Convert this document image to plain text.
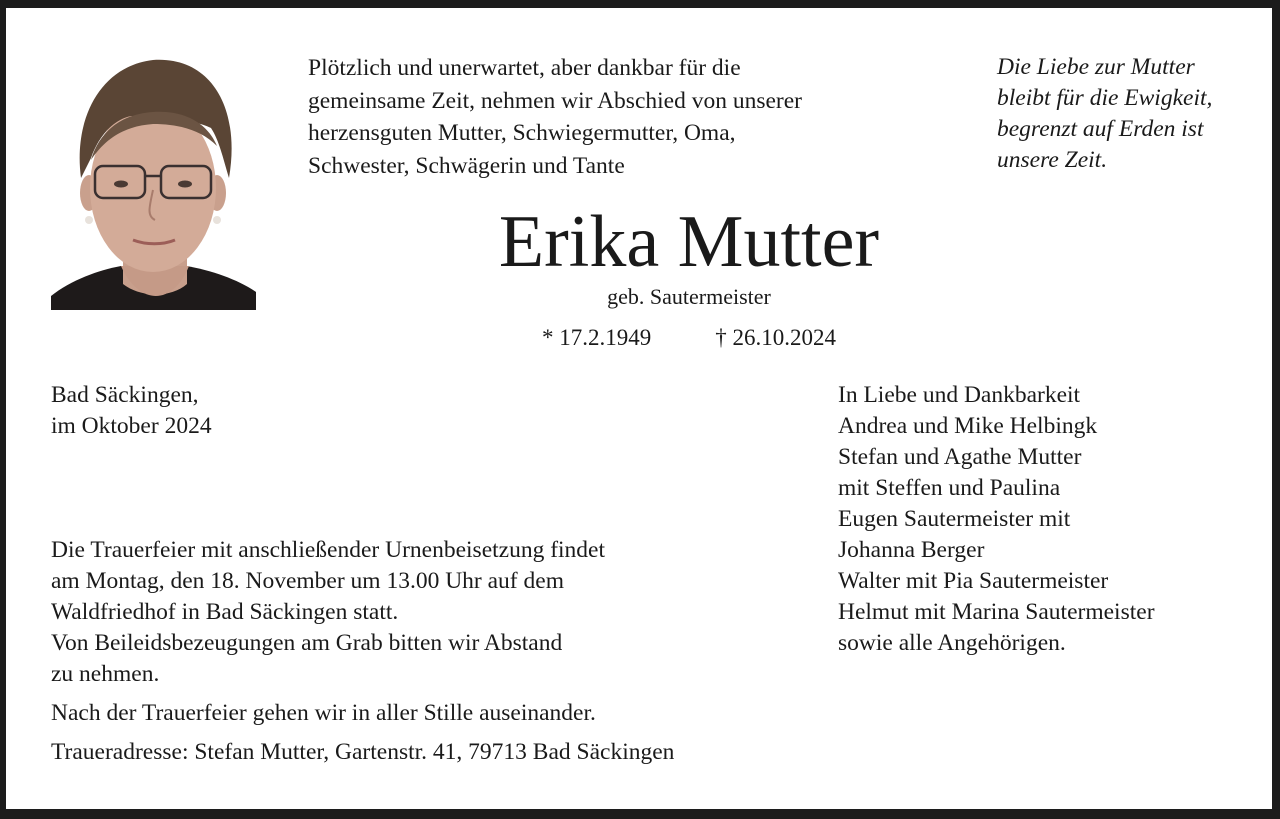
Plötzlich und unerwartet, aber dankbar für die
gemeinsame Zeit, nehmen wir Abschied von unserer
herzensguten Mutter, Schwiegermutter, Oma,
Schwester, Schwägerin und Tante
Die Liebe zur Mutter
bleibt für die Ewigkeit,
begrenzt auf Erden ist
unsere Zeit.
Erika Mutter
geb. Sautermeister
* 17.2.1949	† 26.10.2024
Bad Säckingen,
im Oktober 2024
Die Trauerfeier mit anschließender Urnenbeisetzung findet
am Montag, den 18. November um 13.00 Uhr auf dem
Waldfriedhof in Bad Säckingen statt.
Von Beileidsbezeugungen am Grab bitten wir Abstand
zu nehmen.
Nach der Trauerfeier gehen wir in aller Stille auseinander.
Traueradresse: Stefan Mutter, Gartenstr. 41, 79713 Bad Säckingen
In Liebe und Dankbarkeit
Andrea und Mike Helbingk
Stefan und Agathe Mutter
mit Steffen und Paulina
Eugen Sautermeister mit
Johanna Berger
Walter mit Pia Sautermeister
Helmut mit Marina Sautermeister
sowie alle Angehörigen.
